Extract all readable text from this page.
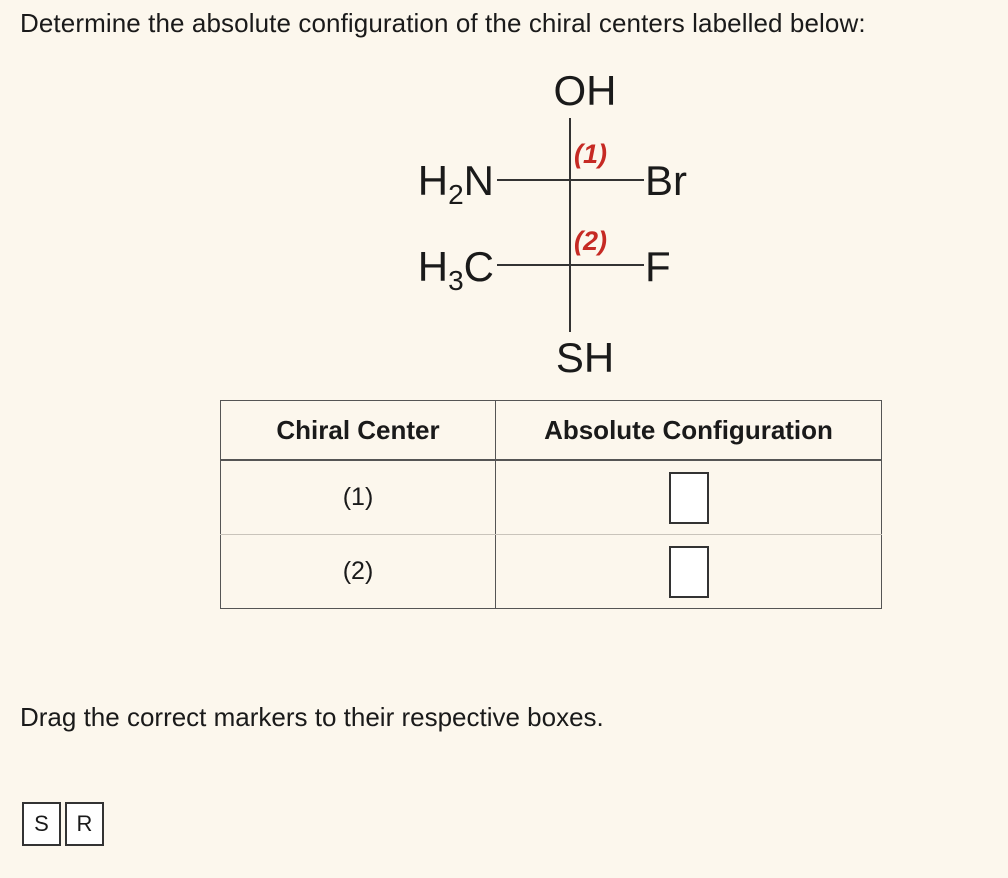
Determine the absolute configuration of the chiral centers labelled below:
OH
$H_2N$
(1)
Br
$H_3C$
(2)
F
SH
Chiral Center	Absolute Configuration
(1)	
(2)	
Drag the correct markers to their respective boxes.
S	R
